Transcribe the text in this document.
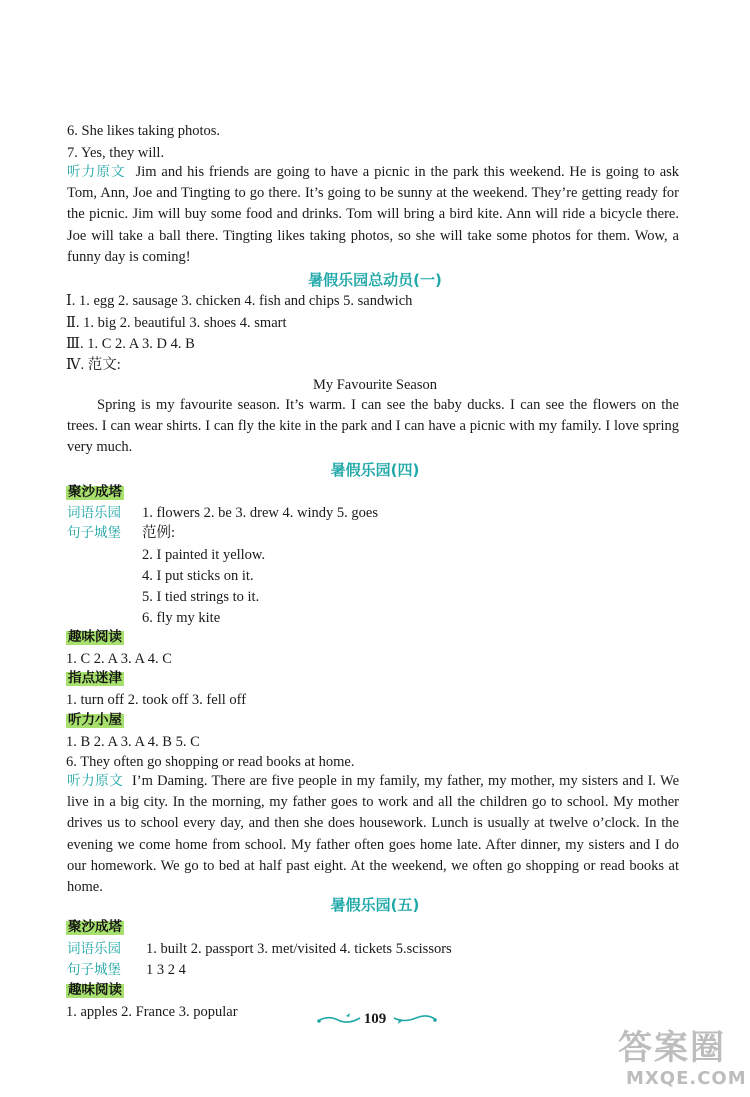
6. She likes taking photos.
7. Yes, they will.
听力原文 Jim and his friends are going to have a picnic in the park this weekend. He is going to ask Tom, Ann, Joe and Tingting to go there. It’s going to be sunny at the weekend. They’re getting ready for the picnic. Jim will buy some food and drinks. Tom will bring a bird kite. Ann will ride a bicycle there. Joe will take a ball there. Tingting likes taking photos, so she will take some photos for them. Wow, a funny day is coming!
暑假乐园总动员(一)
Ⅰ. 1. egg 2. sausage 3. chicken 4. fish and chips 5. sandwich
Ⅱ. 1. big 2. beautiful 3. shoes 4. smart
Ⅲ. 1. C 2. A 3. D 4. B
Ⅳ. 范文:
My Favourite Season
Spring is my favourite season. It’s warm. I can see the baby ducks. I can see the flowers on the trees. I can wear shirts. I can fly the kite in the park and I can have a picnic with my family. I love spring very much.
暑假乐园(四)
聚沙成塔
词语乐园 1. flowers 2. be 3. drew 4. windy 5. goes
句子城堡 范例:
2. I painted it yellow.
4. I put sticks on it.
5. I tied strings to it.
6. fly my kite
趣味阅读
1. C 2. A 3. A 4. C
指点迷津
1. turn off 2. took off 3. fell off
听力小屋
1. B 2. A 3. A 4. B 5. C
6. They often go shopping or read books at home.
听力原文 I’m Daming. There are five people in my family, my father, my mother, my sisters and I. We live in a big city. In the morning, my father goes to work and all the children go to school. My mother drives us to school every day, and then she does housework. Lunch is usually at twelve o’clock. In the evening we come home from school. My father often goes home late. After dinner, my sisters and I do our homework. We go to bed at half past eight. At the weekend, we often go shopping or read books at home.
暑假乐园(五)
聚沙成塔
词语乐园 1. built 2. passport 3. met/visited 4. tickets 5.scissors
句子城堡 1 3 2 4
趣味阅读
1. apples 2. France 3. popular	109
答案圈
MXQE.COM
